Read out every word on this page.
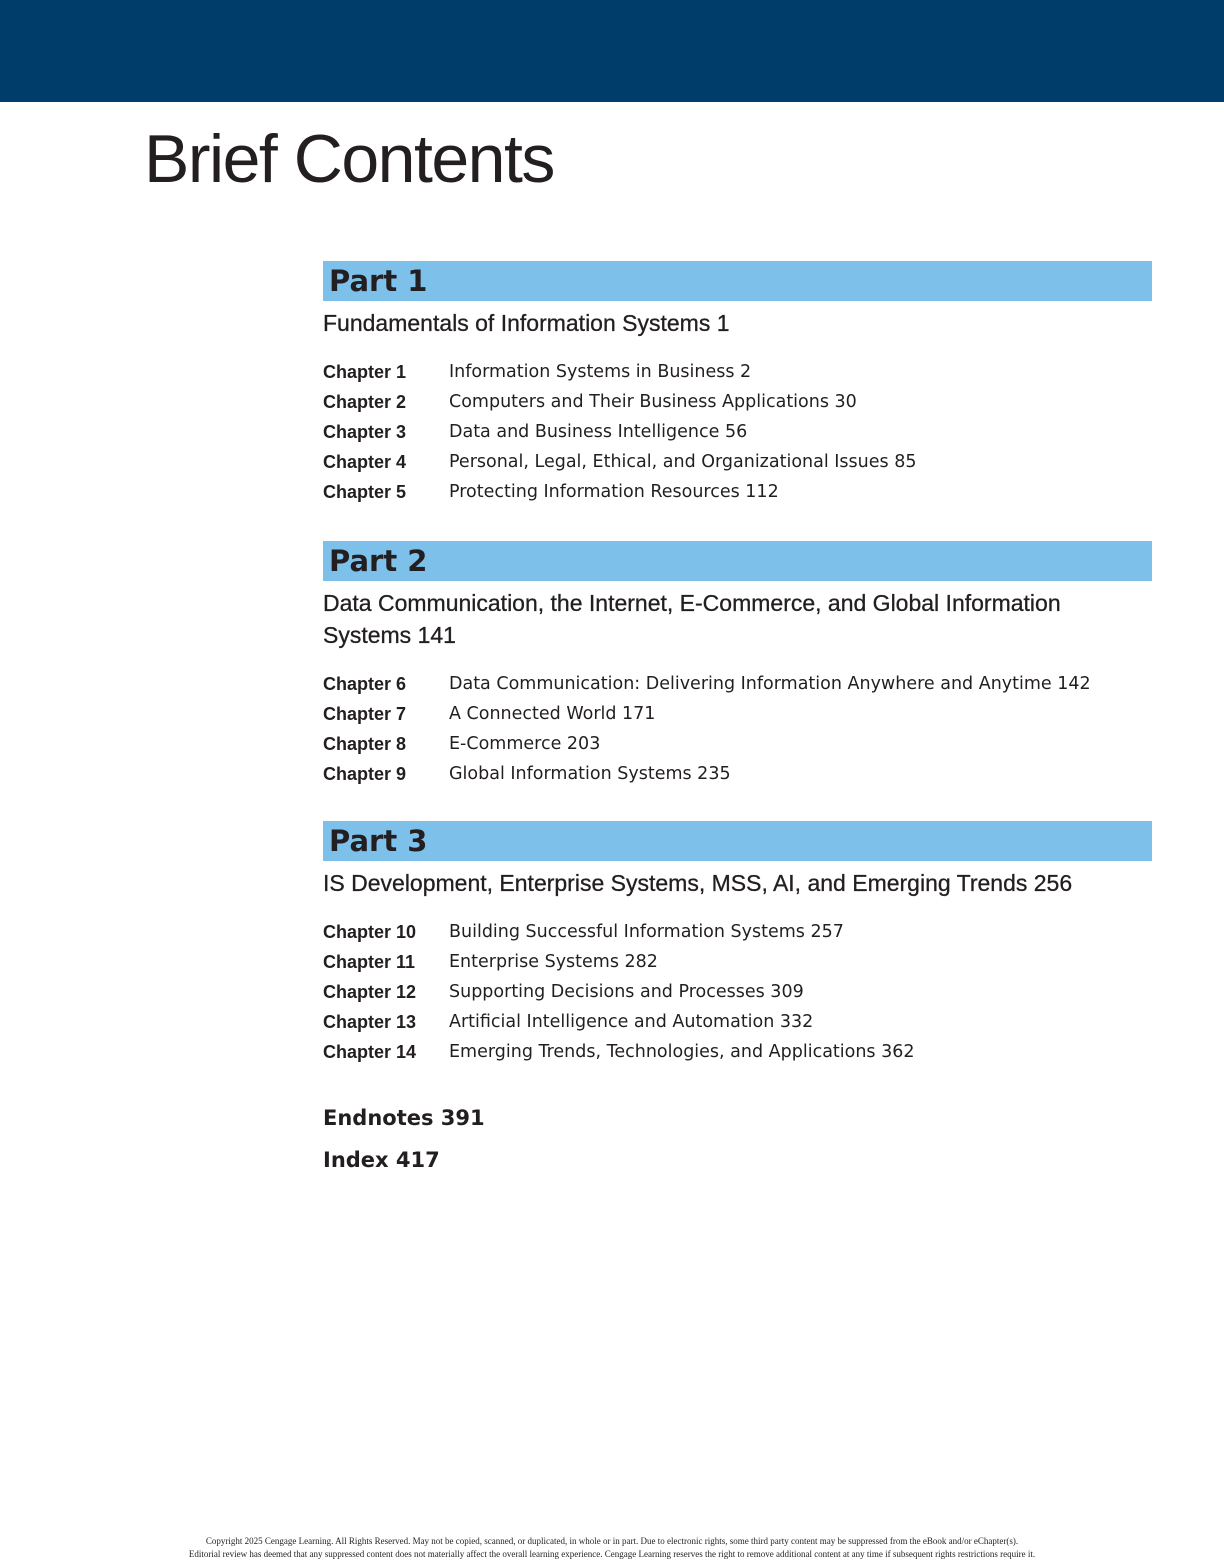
Brief Contents
Part 1
Fundamentals of Information Systems 1
Chapter 1	Information Systems in Business 2
Chapter 2	Computers and Their Business Applications 30
Chapter 3	Data and Business Intelligence 56
Chapter 4	Personal, Legal, Ethical, and Organizational Issues 85
Chapter 5	Protecting Information Resources 112
Part 2
Data Communication, the Internet, E-Commerce, and Global Information Systems 141
Chapter 6	Data Communication: Delivering Information Anywhere and Anytime 142
Chapter 7	A Connected World 171
Chapter 8	E-Commerce 203
Chapter 9	Global Information Systems 235
Part 3
IS Development, Enterprise Systems, MSS, AI, and Emerging Trends 256
Chapter 10	Building Successful Information Systems 257
Chapter 11	Enterprise Systems 282
Chapter 12	Supporting Decisions and Processes 309
Chapter 13	Artificial Intelligence and Automation 332
Chapter 14	Emerging Trends, Technologies, and Applications 362
Endnotes 391
Index 417
Copyright 2025 Cengage Learning. All Rights Reserved. May not be copied, scanned, or duplicated, in whole or in part. Due to electronic rights, some third party content may be suppressed from the eBook and/or eChapter(s).
Editorial review has deemed that any suppressed content does not materially affect the overall learning experience. Cengage Learning reserves the right to remove additional content at any time if subsequent rights restrictions require it.
